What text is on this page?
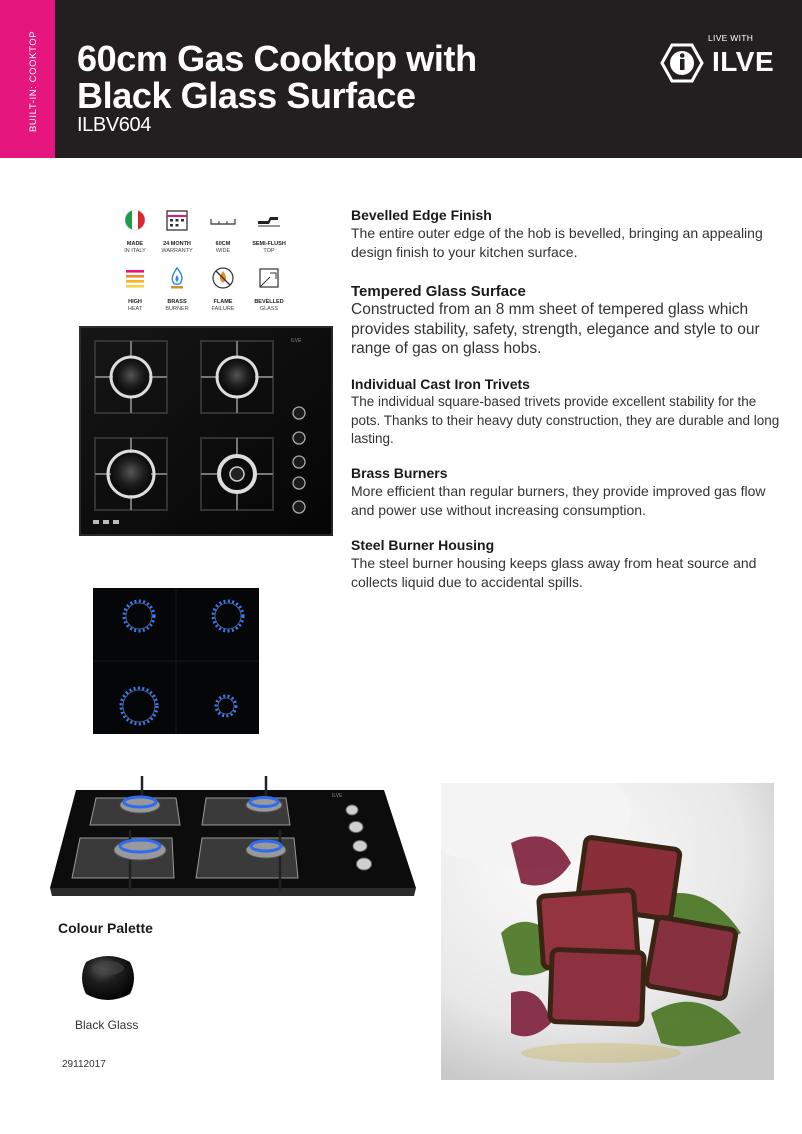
BUILT-IN: COOKTOP 60cm Gas Cooktop with
Black Glass Surface
ILBV604
LIVE WITH
ILVE
MADE
IN ITALY
24 MONTH
WARRANTY
60CM
WIDE
SEMI-FLUSH
TOP
HIGH
HEAT
BRASS
BURNER
FLAME
FAILURE
BEVELLED
GLASS
ILVE
ILVE
Bevelled Edge Finish

The entire outer edge of the hob is bevelled, bringing an appealing design finish to your kitchen surface.

Tempered Glass Surface

Constructed from an 8 mm sheet of tempered glass which provides stability, safety, strength, elegance and style to our range of gas on glass hobs.

Individual Cast Iron Trivets

The individual square-based trivets provide excellent stability for the pots. Thanks to their heavy duty construction, they are durable and long lasting.

Brass Burners

More efficient than regular burners, they provide improved gas flow and power use without increasing consumption.

Steel Burner Housing

The steel burner housing keeps glass away from heat source and collects liquid due to accidental spills.

Colour Palette
Black Glass
29112017
